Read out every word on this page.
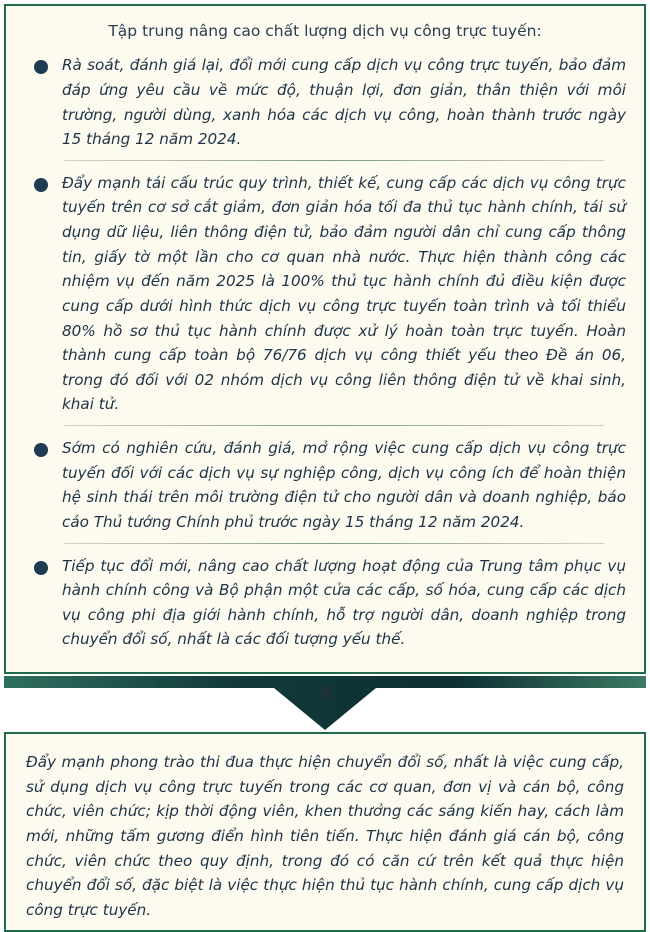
Tập trung nâng cao chất lượng dịch vụ công trực tuyến:
Rà soát, đánh giá lại, đổi mới cung cấp dịch vụ công trực tuyến, bảo đảm đáp ứng yêu cầu về mức độ, thuận lợi, đơn giản, thân thiện với môi trường, người dùng, xanh hóa các dịch vụ công, hoàn thành trước ngày 15 tháng 12 năm 2024.
Đẩy mạnh tái cấu trúc quy trình, thiết kế, cung cấp các dịch vụ công trực tuyến trên cơ sở cắt giảm, đơn giản hóa tối đa thủ tục hành chính, tái sử dụng dữ liệu, liên thông điện tử, bảo đảm người dân chỉ cung cấp thông tin, giấy tờ một lần cho cơ quan nhà nước. Thực hiện thành công các nhiệm vụ đến năm 2025 là 100% thủ tục hành chính đủ điều kiện được cung cấp dưới hình thức dịch vụ công trực tuyến toàn trình và tối thiểu 80% hồ sơ thủ tục hành chính được xử lý hoàn toàn trực tuyến. Hoàn thành cung cấp toàn bộ 76/76 dịch vụ công thiết yếu theo Đề án 06, trong đó đối với 02 nhóm dịch vụ công liên thông điện tử về khai sinh, khai tử.
Sớm có nghiên cứu, đánh giá, mở rộng việc cung cấp dịch vụ công trực tuyến đối với các dịch vụ sự nghiệp công, dịch vụ công ích để hoàn thiện hệ sinh thái trên môi trường điện tử cho người dân và doanh nghiệp, báo cáo Thủ tướng Chính phủ trước ngày 15 tháng 12 năm 2024.
Tiếp tục đổi mới, nâng cao chất lượng hoạt động của Trung tâm phục vụ hành chính công và Bộ phận một cửa các cấp, số hóa, cung cấp các dịch vụ công phi địa giới hành chính, hỗ trợ người dân, doanh nghiệp trong chuyển đổi số, nhất là các đối tượng yếu thế.
4
Đẩy mạnh phong trào thi đua thực hiện chuyển đổi số, nhất là việc cung cấp, sử dụng dịch vụ công trực tuyến trong các cơ quan, đơn vị và cán bộ, công chức, viên chức; kịp thời động viên, khen thưởng các sáng kiến hay, cách làm mới, những tấm gương điển hình tiên tiến. Thực hiện đánh giá cán bộ, công chức, viên chức theo quy định, trong đó có căn cứ trên kết quả thực hiện chuyển đổi số, đặc biệt là việc thực hiện thủ tục hành chính, cung cấp dịch vụ công trực tuyến.
